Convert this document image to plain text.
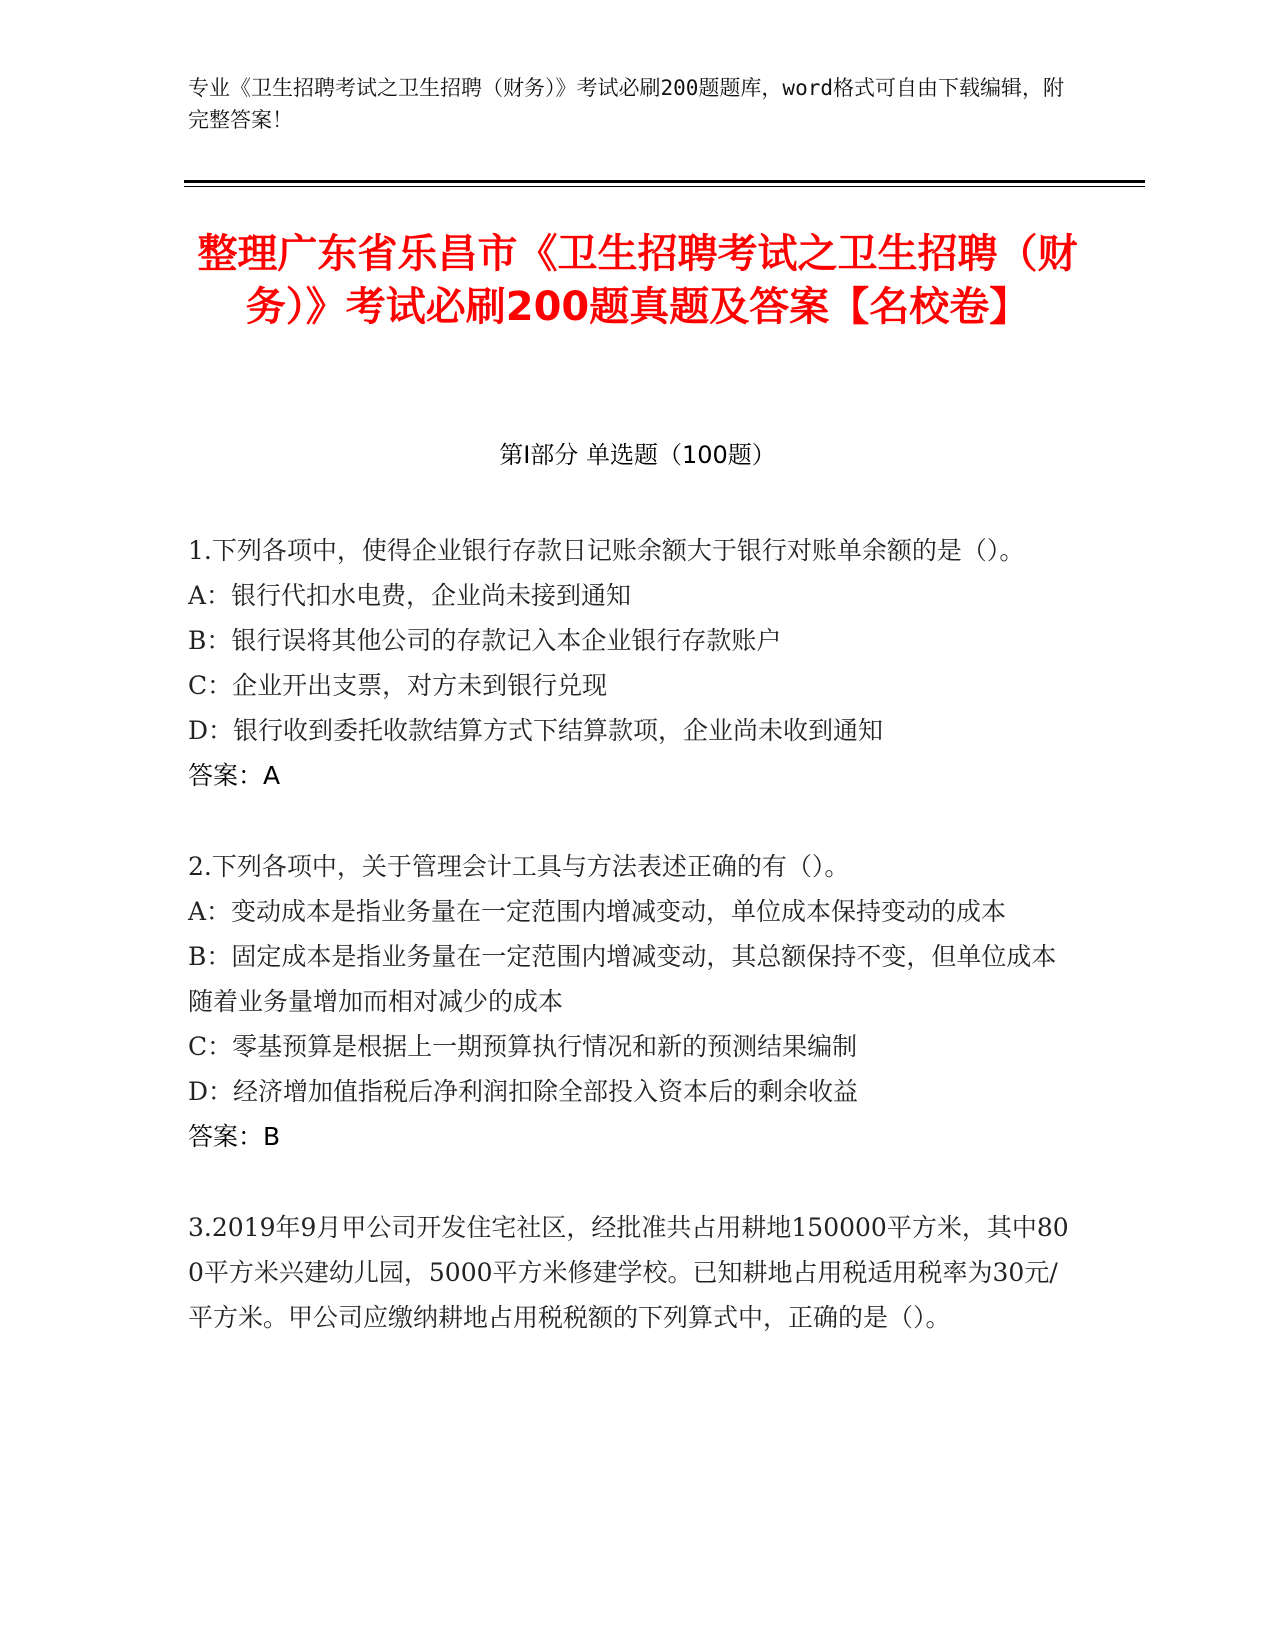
专业《卫生招聘考试之卫生招聘（财务）》考试必刷200题题库，word格式可自由下载编辑，附完整答案！
整理广东省乐昌市《卫生招聘考试之卫生招聘（财务）》考试必刷200题真题及答案【名校卷】
第I部分 单选题（100题）
1.下列各项中，使得企业银行存款日记账余额大于银行对账单余额的是（）。
A：银行代扣水电费，企业尚未接到通知
B：银行误将其他公司的存款记入本企业银行存款账户
C：企业开出支票，对方未到银行兑现
D：银行收到委托收款结算方式下结算款项，企业尚未收到通知
答案：A
2.下列各项中，关于管理会计工具与方法表述正确的有（）。
A：变动成本是指业务量在一定范围内增减变动，单位成本保持变动的成本
B：固定成本是指业务量在一定范围内增减变动，其总额保持不变，但单位成本随着业务量增加而相对减少的成本
C：零基预算是根据上一期预算执行情况和新的预测结果编制
D：经济增加值指税后净利润扣除全部投入资本后的剩余收益
答案：B
3.2019年9月甲公司开发住宅社区，经批准共占用耕地150000平方米，其中800平方米兴建幼儿园，5000平方米修建学校。已知耕地占用税适用税率为30元/平方米。甲公司应缴纳耕地占用税税额的下列算式中，正确的是（）。
